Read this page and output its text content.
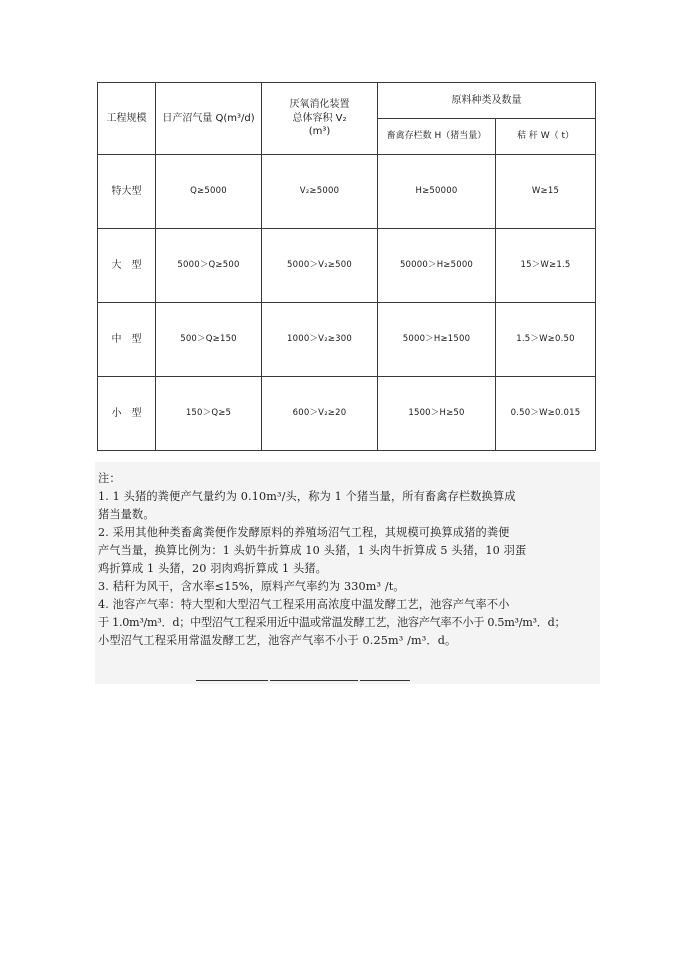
工程规模	日产沼气量 Q(m³/d)	厌氧消化装置
总体容积 V₂
(m³)	原料种类及数量	
			畜禽存栏数 H（猪当量）	秸 秆 W（ t）
特大型	Q≥5000	V₂≥5000	H≥50000	W≥15
大型	5000＞Q≥500	5000＞V₂≥500	50000＞H≥5000	15＞W≥1.5
中型	500＞Q≥150	1000＞V₂≥300	5000＞H≥1500	1.5＞W≥0.50
小型	150＞Q≥5	600＞V₂≥20	1500＞H≥50	0.50＞W≥0.015
注：
1. 1 头猪的粪便产气量约为 0.10m³/头，称为 1 个猪当量，所有畜禽存栏数换算成
猪当量数。
2. 采用其他种类畜禽粪便作发酵原料的养殖场沼气工程，其规模可换算成猪的粪便
产气当量，换算比例为：1 头奶牛折算成 10 头猪，1 头肉牛折算成 5 头猪，10 羽蛋
鸡折算成 1 头猪，20 羽肉鸡折算成 1 头猪。
3. 秸秆为风干，含水率≤15%，原料产气率约为 330m³ /t。
4. 池容产气率：特大型和大型沼气工程采用高浓度中温发酵工艺，池容产气率不小
于 1.0m³/m³．d；中型沼气工程采用近中温或常温发酵工艺，池容产气率不小于 0.5m³/m³．d；
小型沼气工程采用常温发酵工艺，池容产气率不小于 0.25m³ /m³．d。
